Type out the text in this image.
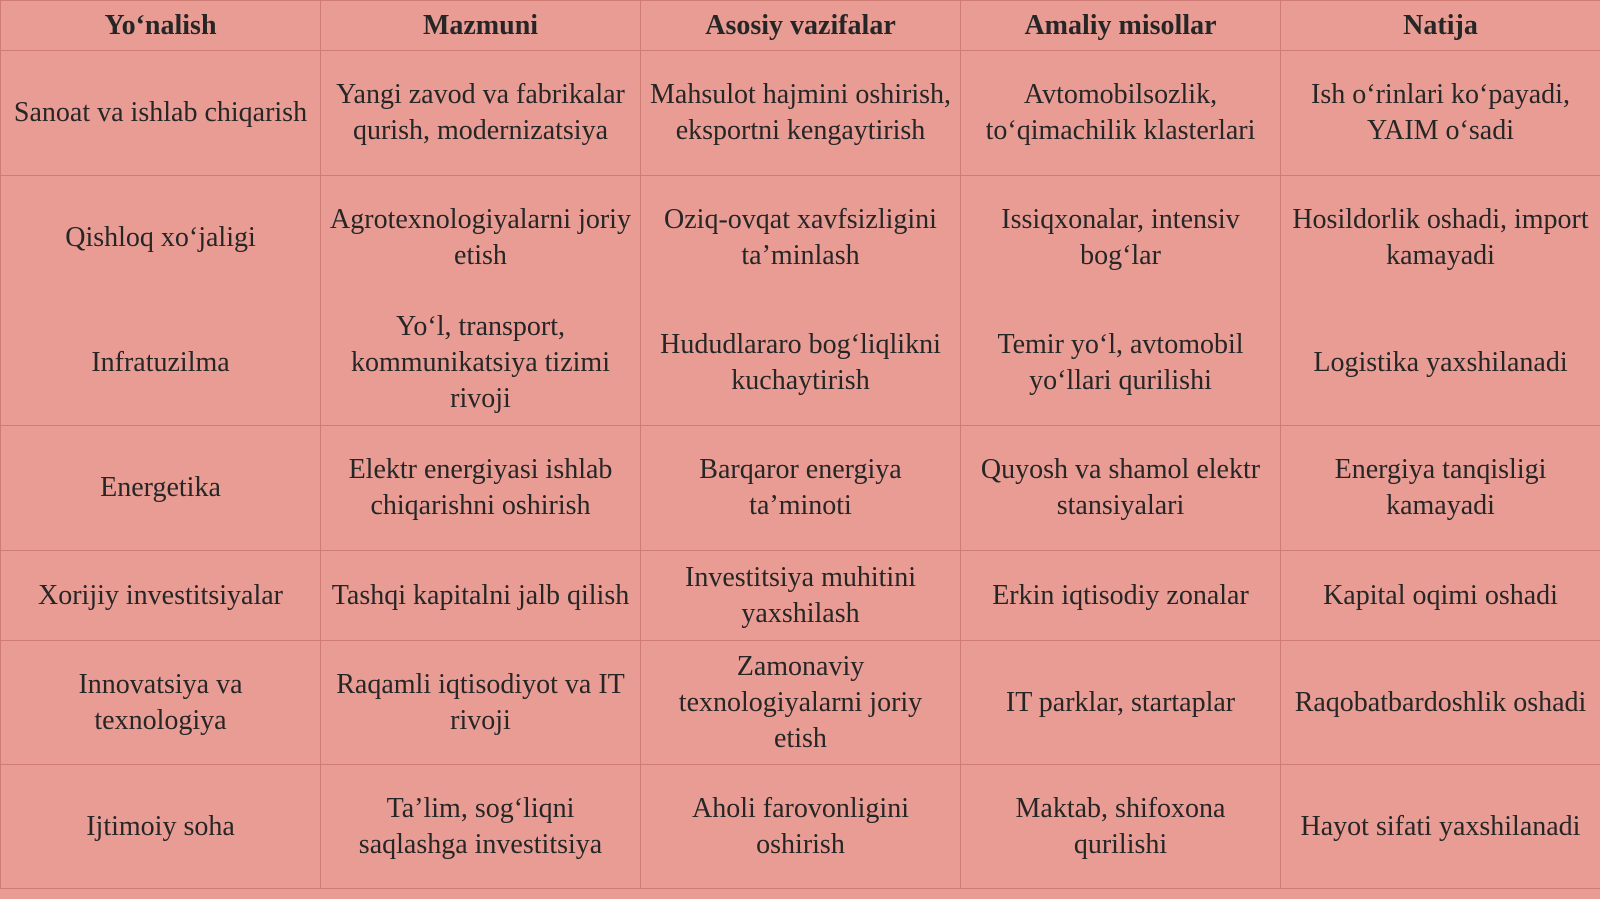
Yo‘nalish	Mazmuni	Asosiy vazifalar	Amaliy misollar	Natija
Sanoat va ishlab chiqarish	Yangi zavod va fabrikalar qurish, modernizatsiya	Mahsulot hajmini oshirish, eksportni kengaytirish	Avtomobilsozlik, to‘qimachilik klasterlari	Ish o‘rinlari ko‘payadi, YAIM o‘sadi
Qishloq xo‘jaligi	Agrotexnologiyalarni joriy etish	Oziq-ovqat xavfsizligini ta’minlash	Issiqxonalar, intensiv bog‘lar	Hosildorlik oshadi, import kamayadi
Infratuzilma	Yo‘l, transport, kommunikatsiya tizimi rivoji	Hududlararo bog‘liqlikni kuchaytirish	Temir yo‘l, avtomobil yo‘llari qurilishi	Logistika yaxshilanadi
Energetika	Elektr energiyasi ishlab chiqarishni oshirish	Barqaror energiya ta’minoti	Quyosh va shamol elektr stansiyalari	Energiya tanqisligi kamayadi
Xorijiy investitsiyalar	Tashqi kapitalni jalb qilish	Investitsiya muhitini yaxshilash	Erkin iqtisodiy zonalar	Kapital oqimi oshadi
Innovatsiya va texnologiya	Raqamli iqtisodiyot va IT rivoji	Zamonaviy texnologiyalarni joriy etish	IT parklar, startaplar	Raqobatbardoshlik oshadi
Ijtimoiy soha	Ta’lim, sog‘liqni saqlashga investitsiya	Aholi farovonligini oshirish	Maktab, shifoxona qurilishi	Hayot sifati yaxshilanadi
